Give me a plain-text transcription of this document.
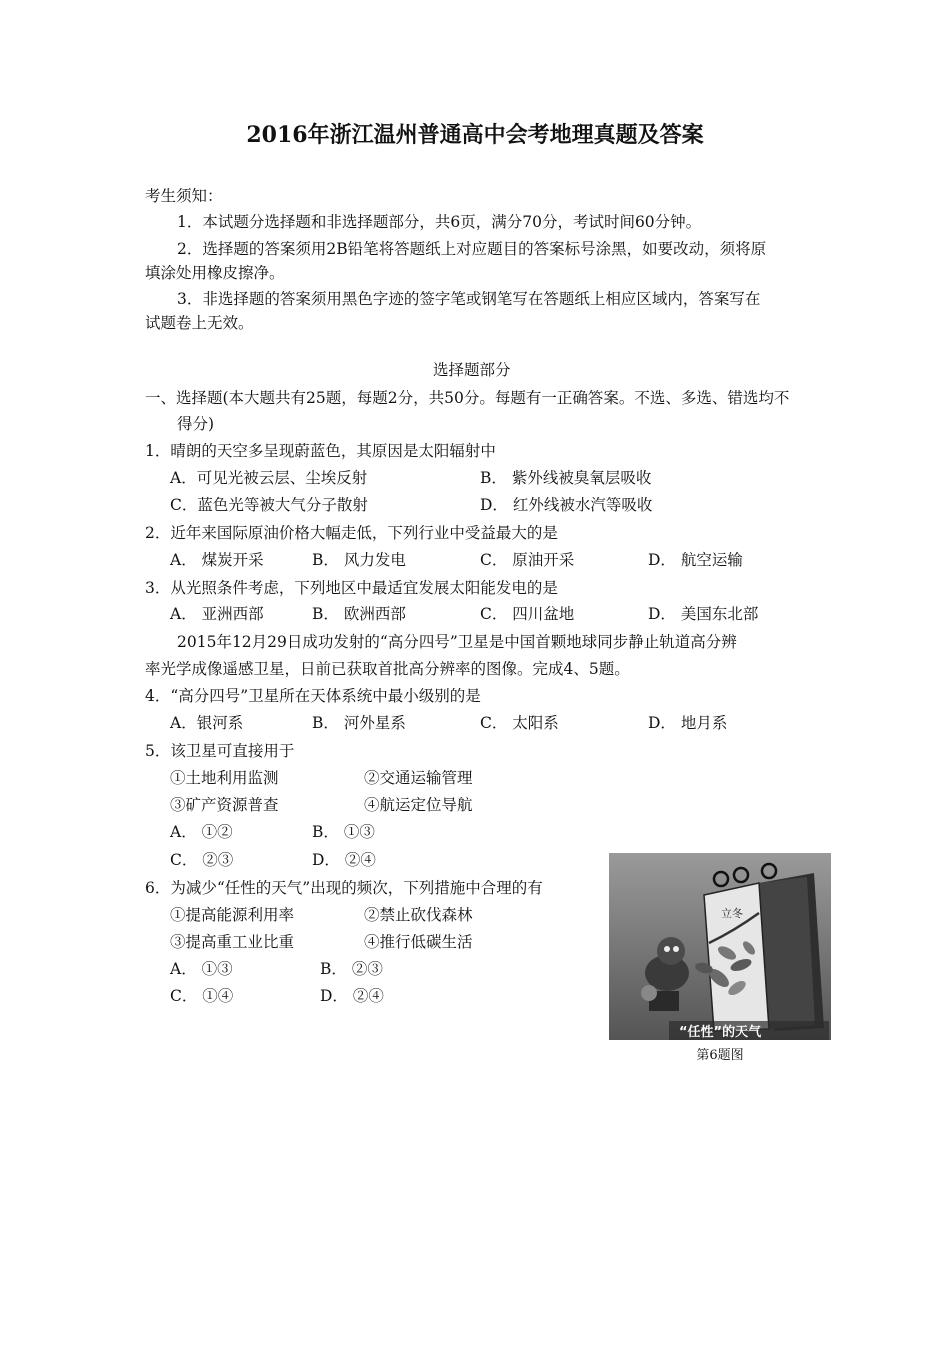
2016年浙江温州普通高中会考地理真题及答案
考生须知：
1．本试题分选择题和非选择题部分，共6页，满分70分，考试时间60分钟。
2．选择题的答案须用2B铅笔将答题纸上对应题目的答案标号涂黑，如要改动，须将原
填涂处用橡皮擦净。
3．非选择题的答案须用黑色字迹的签字笔或钢笔写在答题纸上相应区域内，答案写在
试题卷上无效。
选择题部分
一、选择题(本大题共有25题，每题2分，共50分。每题有一正确答案。不选、多选、错选均不
得分)
1．晴朗的天空多呈现蔚蓝色，其原因是太阳辐射中
A．可见光被云层、尘埃反射	B． 紫外线被臭氧层吸收
C．蓝色光等被大气分子散射	D． 红外线被水汽等吸收
2．近年来国际原油价格大幅走低，下列行业中受益最大的是
A． 煤炭开采	B． 风力发电	C． 原油开采	D． 航空运输
3．从光照条件考虑，下列地区中最适宜发展太阳能发电的是
A． 亚洲西部	B． 欧洲西部	C． 四川盆地	D． 美国东北部
2015年12月29日成功发射的“高分四号”卫星是中国首颗地球同步静止轨道高分辨
率光学成像遥感卫星，日前已获取首批高分辨率的图像。完成4、5题。
4．“高分四号”卫星所在天体系统中最小级别的是
A．银河系	B． 河外星系	C． 太阳系	D． 地月系
5．该卫星可直接用于
①土地利用监测	②交通运输管理
③矿产资源普查	④航运定位导航
A． ①②	B． ①③
C． ②③	D． ②④
6．为减少“任性的天气”出现的频次，下列措施中合理的有
①提高能源利用率	②禁止砍伐森林
③提高重工业比重	④推行低碳生活
A． ①③	B． ②③
C． ①④	D． ②④
立冬
“任性”的天气
第6题图
